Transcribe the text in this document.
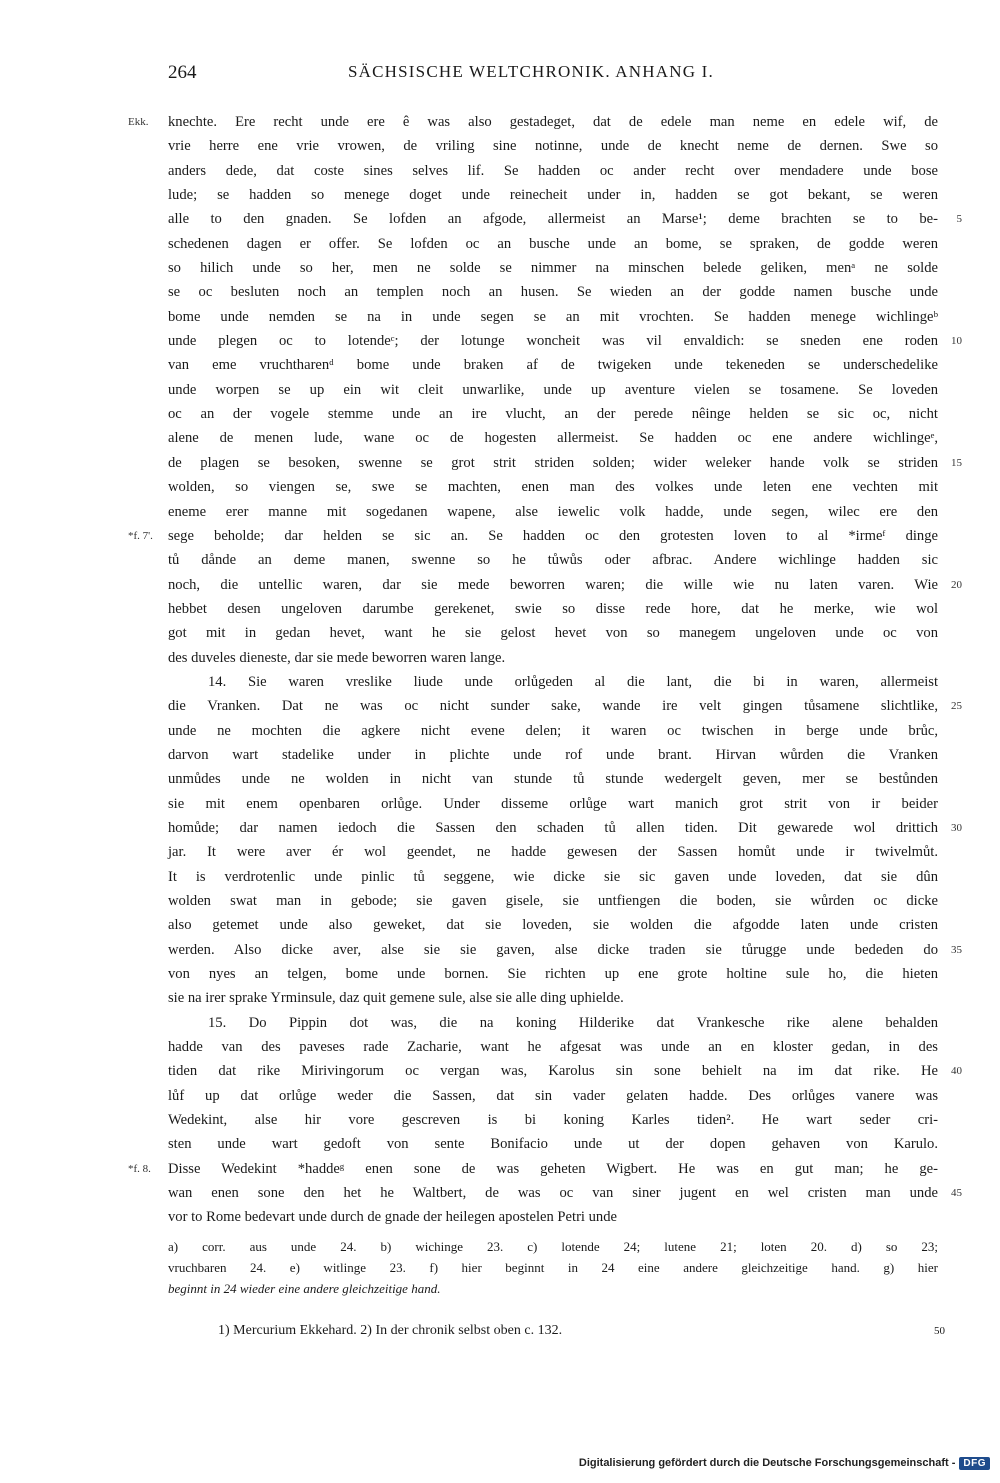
264	SÄCHSISCHE WELTCHRONIK. ANHANG I.
Ekk. knechte. Ere recht unde ere ê was also gestadeget, dat de edele man neme en edele wif, de
vrie herre ene vrie vrowen, de vriling sine notinne, unde de knecht neme de dernen. Swe so
anders dede, dat coste sines selves lif. Se hadden oc ander recht over mendadere unde bose
lude; se hadden so menege doget unde reinecheit under in, hadden se got bekant, se weren
alle to den gnaden. Se lofden an afgode, allermeist an Marse¹; deme brachten se to be- 5
schedenen dagen er offer. Se lofden oc an busche unde an bome, se spraken, de godde weren
so hilich unde so her, men ne solde se nimmer na minschen belede geliken, menᵃ ne solde
se oc besluten noch an templen noch an husen. Se wieden an der godde namen busche unde
bome unde nemden se na in unde segen se an mit vrochten. Se hadden menege wichlingeᵇ
unde plegen oc to lotendeᶜ; der lotunge woncheit was vil envaldich: se sneden ene roden 10
van eme vruchtharenᵈ bome unde braken af de twigeken unde tekeneden se underschedelike
unde worpen se up ein wit cleit unwarlike, unde up aventure vielen se tosamene. Se loveden
oc an der vogele stemme unde an ire vlucht, an der perede nêinge helden se sic oc, nicht
alene de menen lude, wane oc de hogesten allermeist. Se hadden oc ene andere wichlingeᵉ,
de plagen se besoken, swenne se grot strit striden solden; wider weleker hande volk se striden 15
wolden, so viengen se, swe se machten, enen man des volkes unde leten ene vechten mit
eneme erer manne mit sogedanen wapene, alse iewelic volk hadde, unde segen, wilec ere den
*f. 7'. sege beholde; dar helden se sic an. Se hadden oc den grotesten loven to al *irmeᶠ dinge
tů dånde an deme manen, swenne so he tůwůs oder afbrac. Andere wichlinge hadden sic
noch, die untellic waren, dar sie mede beworren waren; die wille wie nu laten varen. Wie 20
hebbet desen ungeloven darumbe gerekenet, swie so disse rede hore, dat he merke, wie wol
got mit in gedan hevet, want he sie gelost hevet von so manegem ungeloven unde oc von
des duveles dieneste, dar sie mede beworren waren lange.
14. Sie waren vreslike liude unde orlůgeden al die lant, die bi in waren, allermeist
die Vranken. Dat ne was oc nicht sunder sake, wande ire velt gingen tůsamene slichtlike, 25
unde ne mochten die agkere nicht evene delen; it waren oc twischen in berge unde brůc,
darvon wart stadelike under in plichte unde rof unde brant. Hirvan wůrden die Vranken
unmůdes unde ne wolden in nicht van stunde tů stunde wedergelt geven, mer se bestůnden
sie mit enem openbaren orlůge. Under disseme orlůge wart manich grot strit von ir beider
homůde; dar namen iedoch die Sassen den schaden tů allen tiden. Dit gewarede wol drittich 30
jar. It were aver ér wol geendet, ne hadde gewesen der Sassen homůt unde ir twivelmůt.
It is verdrotenlic unde pinlic tů seggene, wie dicke sie sic gaven unde loveden, dat sie dûn
wolden swat man in gebode; sie gaven gisele, sie untfiengen die boden, sie wůrden oc dicke
also getemet unde also geweket, dat sie loveden, sie wolden die afgodde laten unde cristen
werden. Also dicke aver, alse sie sie gaven, alse dicke traden sie tůrugge unde bededen do 35
von nyes an telgen, bome unde bornen. Sie richten up ene grote holtine sule ho, die hieten
sie na irer sprake Yrminsule, daz quit gemene sule, alse sie alle ding uphielde.
15. Do Pippin dot was, die na koning Hilderike dat Vrankesche rike alene behalden
hadde van des paveses rade Zacharie, want he afgesat was unde an en kloster gedan, in des
tiden dat rike Mirivingorum oc vergan was, Karolus sin sone behielt na im dat rike. He 40
lůf up dat orlůge weder die Sassen, dat sin vader gelaten hadde. Des orlůges vanere was
Wedekint, alse hir vore gescreven is bi koning Karles tiden². He wart seder cri-
sten unde wart gedoft von sente Bonifacio unde ut der dopen gehaven von Karulo.
*f. 8. Disse Wedekint *haddeᵍ enen sone de was geheten Wigbert. He was en gut man; he ge-
wan enen sone den het he Waltbert, de was oc van siner jugent en wel cristen man unde 45
vor to Rome bedevart unde durch de gnade der heilegen apostelen Petri unde
a) corr. aus unde 24. b) wichinge 23. c) lotende 24; lutene 21; loten 20. d) so 23;
vruchbaren 24. e) witlinge 23. f) hier beginnt in 24 eine andere gleichzeitige hand. g) hier
beginnt in 24 wieder eine andere gleichzeitige hand.
1) Mercurium Ekkehard. 2) In der chronik selbst oben c. 132.	50
Digitalisierung gefördert durch die Deutsche Forschungsgemeinschaft - DFG
